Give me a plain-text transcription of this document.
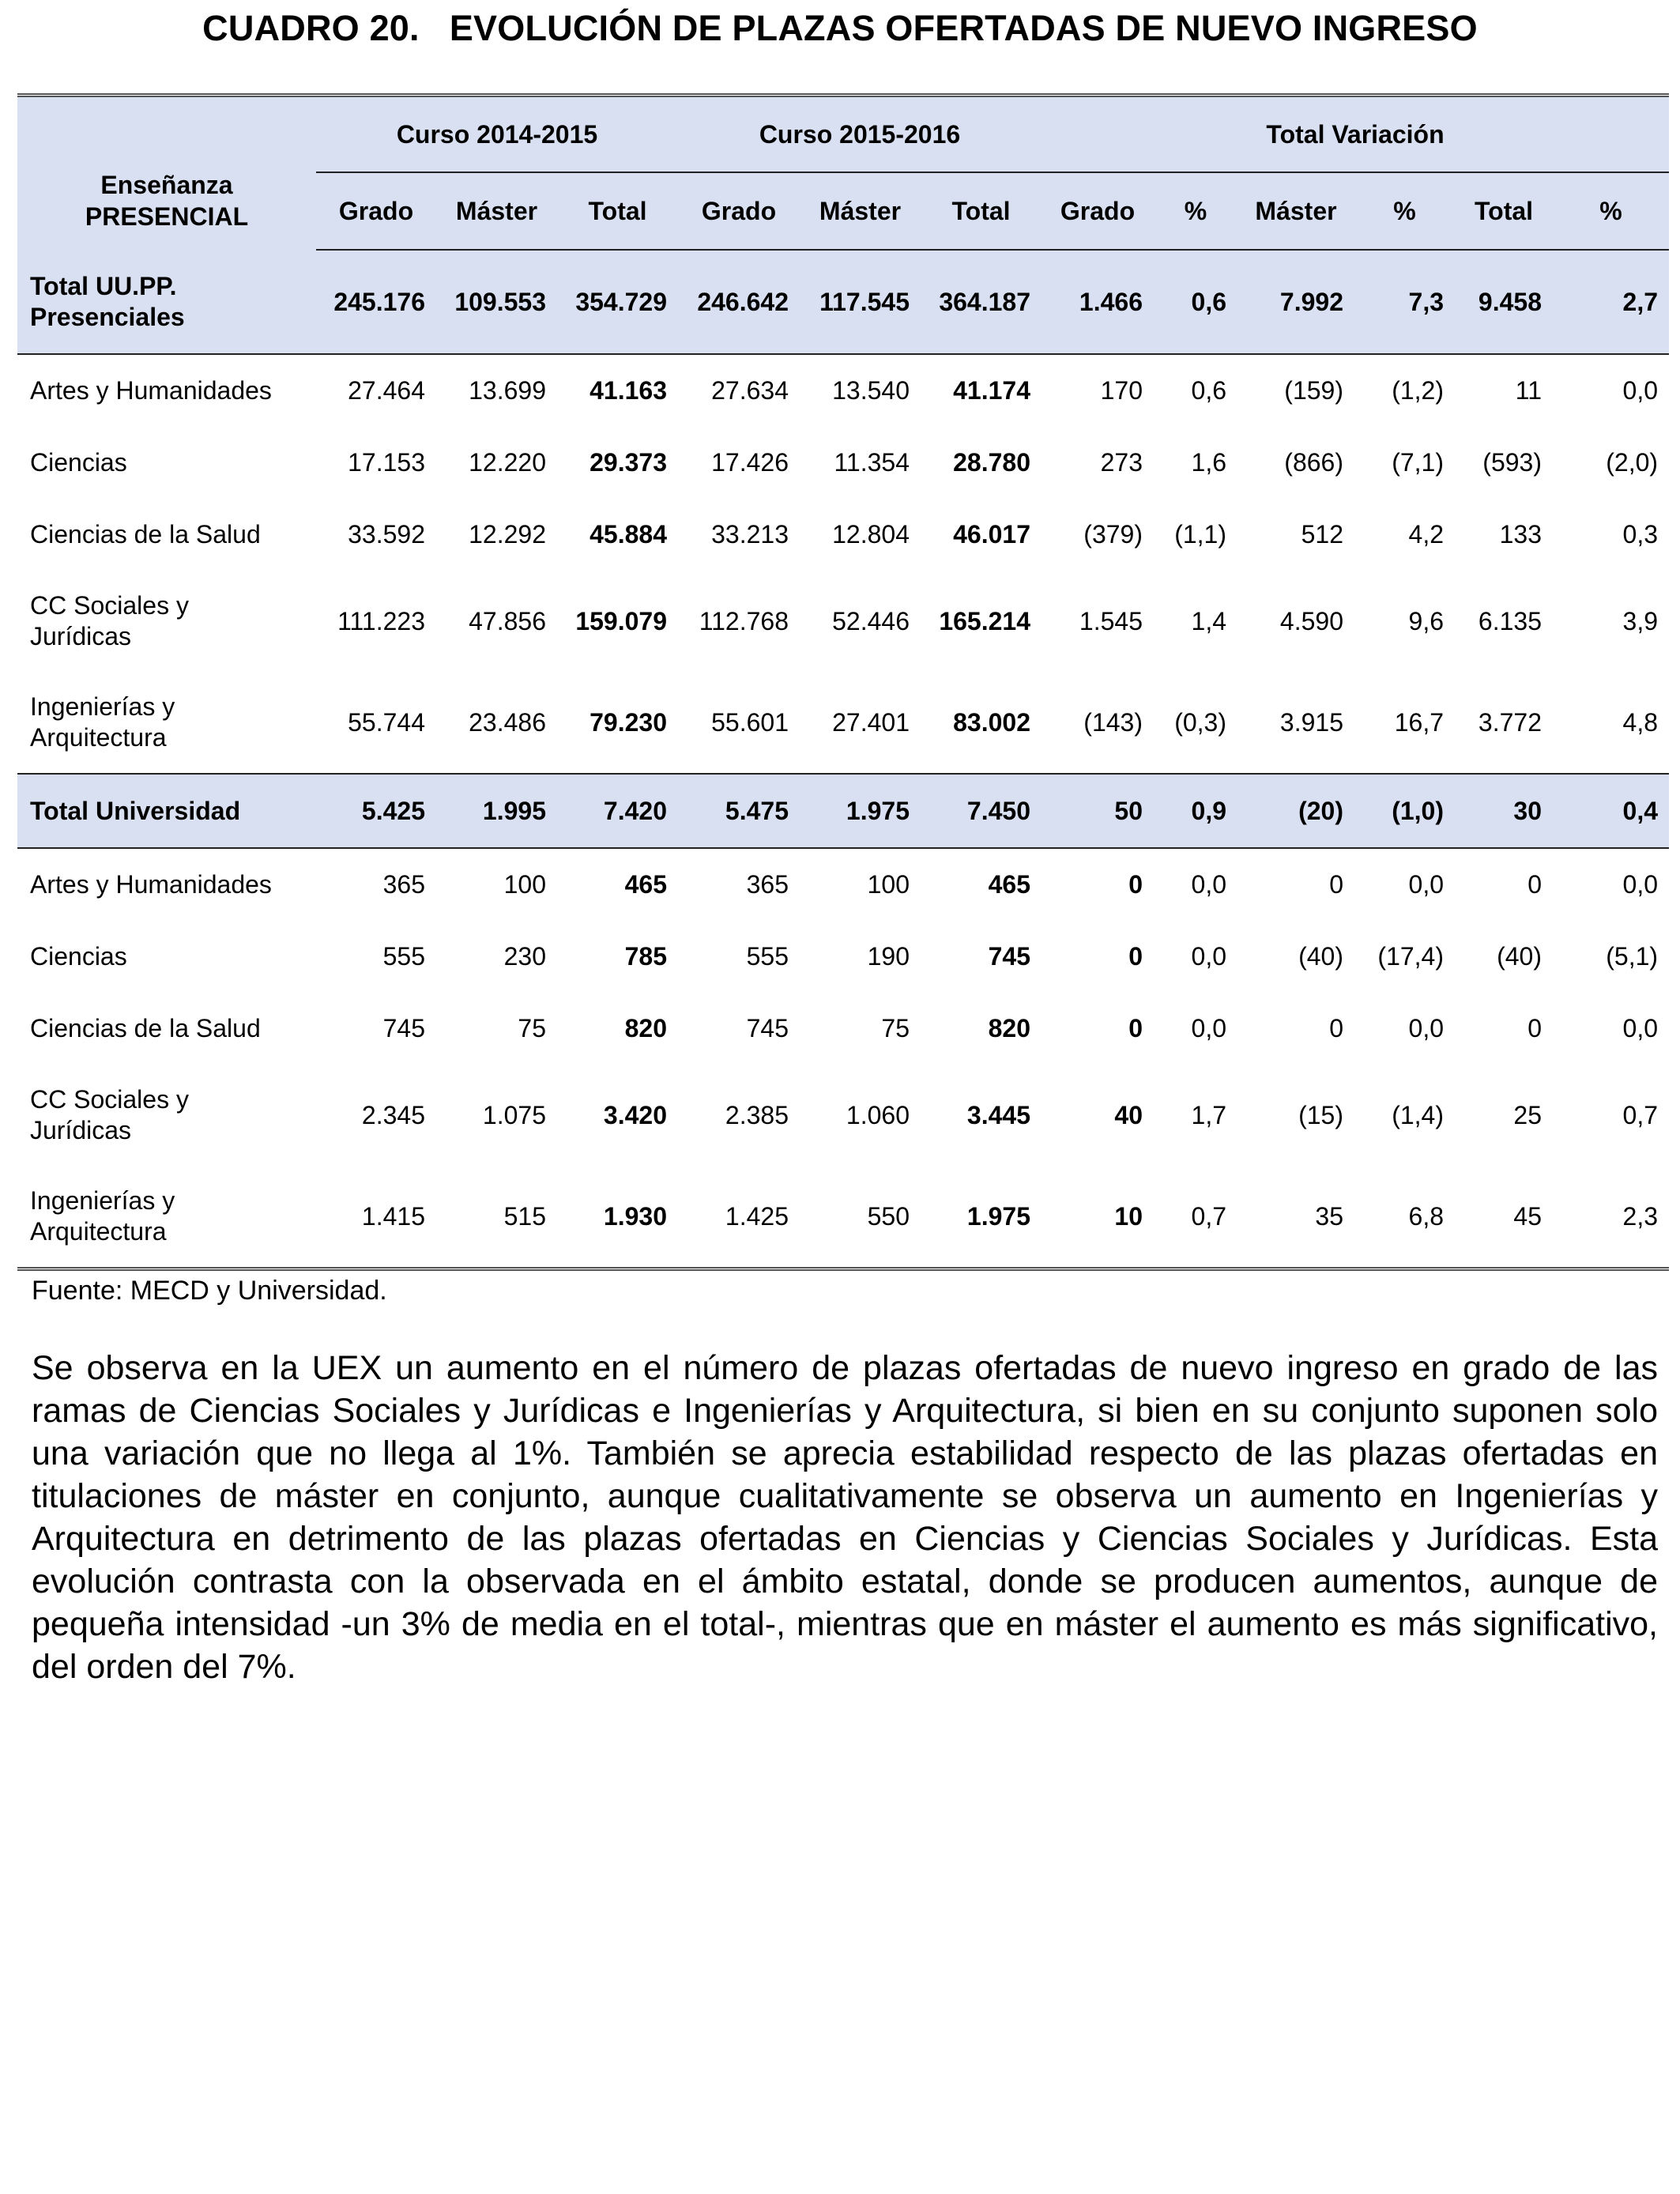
CUADRO 20.   EVOLUCIÓN DE PLAZAS OFERTADAS DE NUEVO INGRESO
Enseñanza
PRESENCIAL	Curso 2014-2015			Curso 2015-2016			Total Variación					
	Grado	Máster	Total	Grado	Máster	Total	Grado	%	Máster	%	Total	%

Total UU.PP.
Presenciales	245.176	109.553	354.729	246.642	117.545	364.187	1.466	0,6	7.992	7,3	9.458	2,7

Artes y Humanidades	27.464	13.699	41.163	27.634	13.540	41.174	170	0,6	(159)	(1,2)	11	0,0

Ciencias	17.153	12.220	29.373	17.426	11.354	28.780	273	1,6	(866)	(7,1)	(593)	(2,0)

Ciencias de la Salud	33.592	12.292	45.884	33.213	12.804	46.017	(379)	(1,1)	512	4,2	133	0,3

CC Sociales y
Jurídicas	111.223	47.856	159.079	112.768	52.446	165.214	1.545	1,4	4.590	9,6	6.135	3,9

Ingenierías y
Arquitectura	55.744	23.486	79.230	55.601	27.401	83.002	(143)	(0,3)	3.915	16,7	3.772	4,8

Total Universidad	5.425	1.995	7.420	5.475	1.975	7.450	50	0,9	(20)	(1,0)	30	0,4

Artes y Humanidades	365	100	465	365	100	465	0	0,0	0	0,0	0	0,0

Ciencias	555	230	785	555	190	745	0	0,0	(40)	(17,4)	(40)	(5,1)

Ciencias de la Salud	745	75	820	745	75	820	0	0,0	0	0,0	0	0,0

CC Sociales y
Jurídicas	2.345	1.075	3.420	2.385	1.060	3.445	40	1,7	(15)	(1,4)	25	0,7

Ingenierías y
Arquitectura	1.415	515	1.930	1.425	550	1.975	10	0,7	35	6,8	45	2,3
Fuente: MECD y Universidad.
Se observa en la UEX un aumento en el número de plazas ofertadas de nuevo ingreso en grado de las ramas de Ciencias Sociales y Jurídicas e Ingenierías y Arquitectura, si bien en su conjunto suponen solo una variación que no llega al 1%. También se aprecia estabilidad respecto de las plazas ofertadas en titulaciones de máster en conjunto, aunque cualitativamente se observa un aumento en Ingenierías y Arquitectura en detrimento de las plazas ofertadas en Ciencias y Ciencias Sociales y Jurídicas. Esta evolución contrasta con la observada en el ámbito estatal, donde se producen aumentos, aunque de pequeña intensidad -un 3% de media en el total-, mientras que en máster el aumento es más significativo, del orden del 7%.
